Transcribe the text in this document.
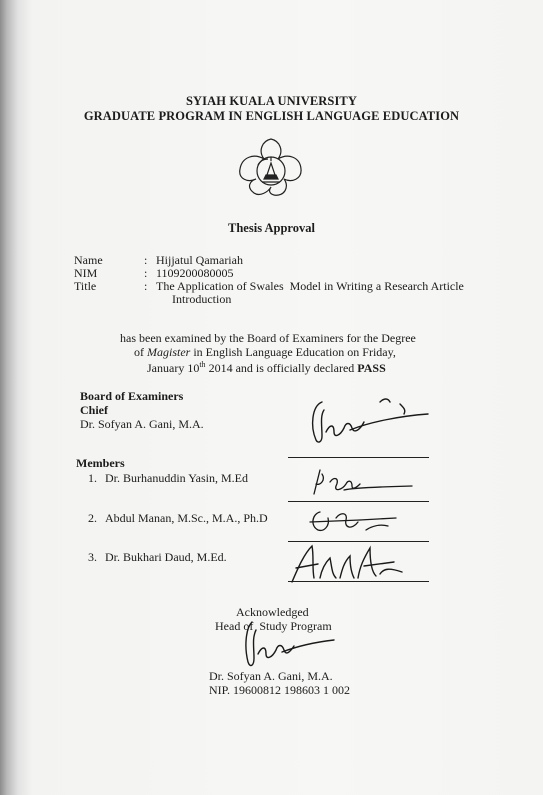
SYIAH KUALA UNIVERSITY
GRADUATE PROGRAM IN ENGLISH LANGUAGE EDUCATION
Thesis Approval
Name	: Hijjatul Qamariah
NIM	: 1109200080005
Title	: The Application of Swales  Model in Writing a Research Article
Introduction
has been examined by the Board of Examiners for the Degree
of Magister in English Language Education on Friday,
January 10th 2014 and is officially declared PASS
Board of Examiners
Chief
Dr. Sofyan A. Gani, M.A.
Members
1. Dr. Burhanuddin Yasin, M.Ed
2. Abdul Manan, M.Sc., M.A., Ph.D
3. Dr. Bukhari Daud, M.Ed.
Acknowledged
Head of  Study Program
Dr. Sofyan A. Gani, M.A.
NIP. 19600812 198603 1 002
